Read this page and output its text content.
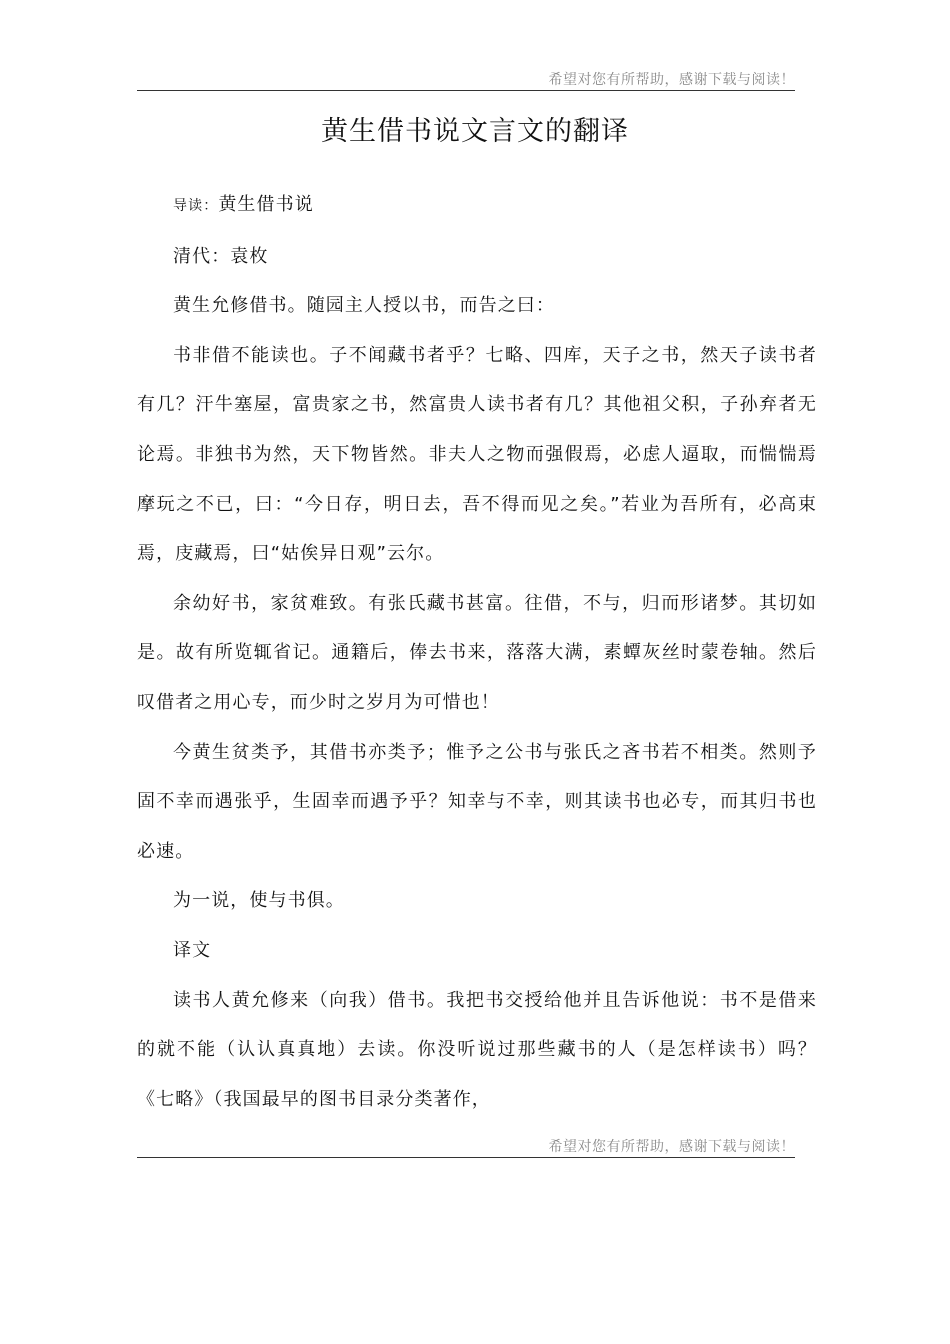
希望对您有所帮助，感谢下载与阅读！
黄生借书说文言文的翻译

导读：黄生借书说

清代：袁枚

黄生允修借书。随园主人授以书，而告之曰：

书非借不能读也。子不闻藏书者乎？七略、四库，天子之书，然天子读书者有几？汗牛塞屋，富贵家之书，然富贵人读书者有几？其他祖父积，子孙弃者无论焉。非独书为然，天下物皆然。非夫人之物而强假焉，必虑人逼取，而惴惴焉摩玩之不已，曰：“今日存，明日去，吾不得而见之矣。”若业为吾所有，必高束焉，庋藏焉，曰“姑俟异日观”云尔。

余幼好书，家贫难致。有张氏藏书甚富。往借，不与，归而形诸梦。其切如是。故有所览辄省记。通籍后，俸去书来，落落大满，素蟫灰丝时蒙卷轴。然后叹借者之用心专，而少时之岁月为可惜也！

今黄生贫类予，其借书亦类予；惟予之公书与张氏之吝书若不相类。然则予固不幸而遇张乎，生固幸而遇予乎？知幸与不幸，则其读书也必专，而其归书也必速。

为一说，使与书俱。

译文

读书人黄允修来（向我）借书。我把书交授给他并且告诉他说：书不是借来的就不能（认认真真地）去读。你没听说过那些藏书的人（是怎样读书）吗？《七略》（我国最早的图书目录分类著作，

希望对您有所帮助，感谢下载与阅读！
